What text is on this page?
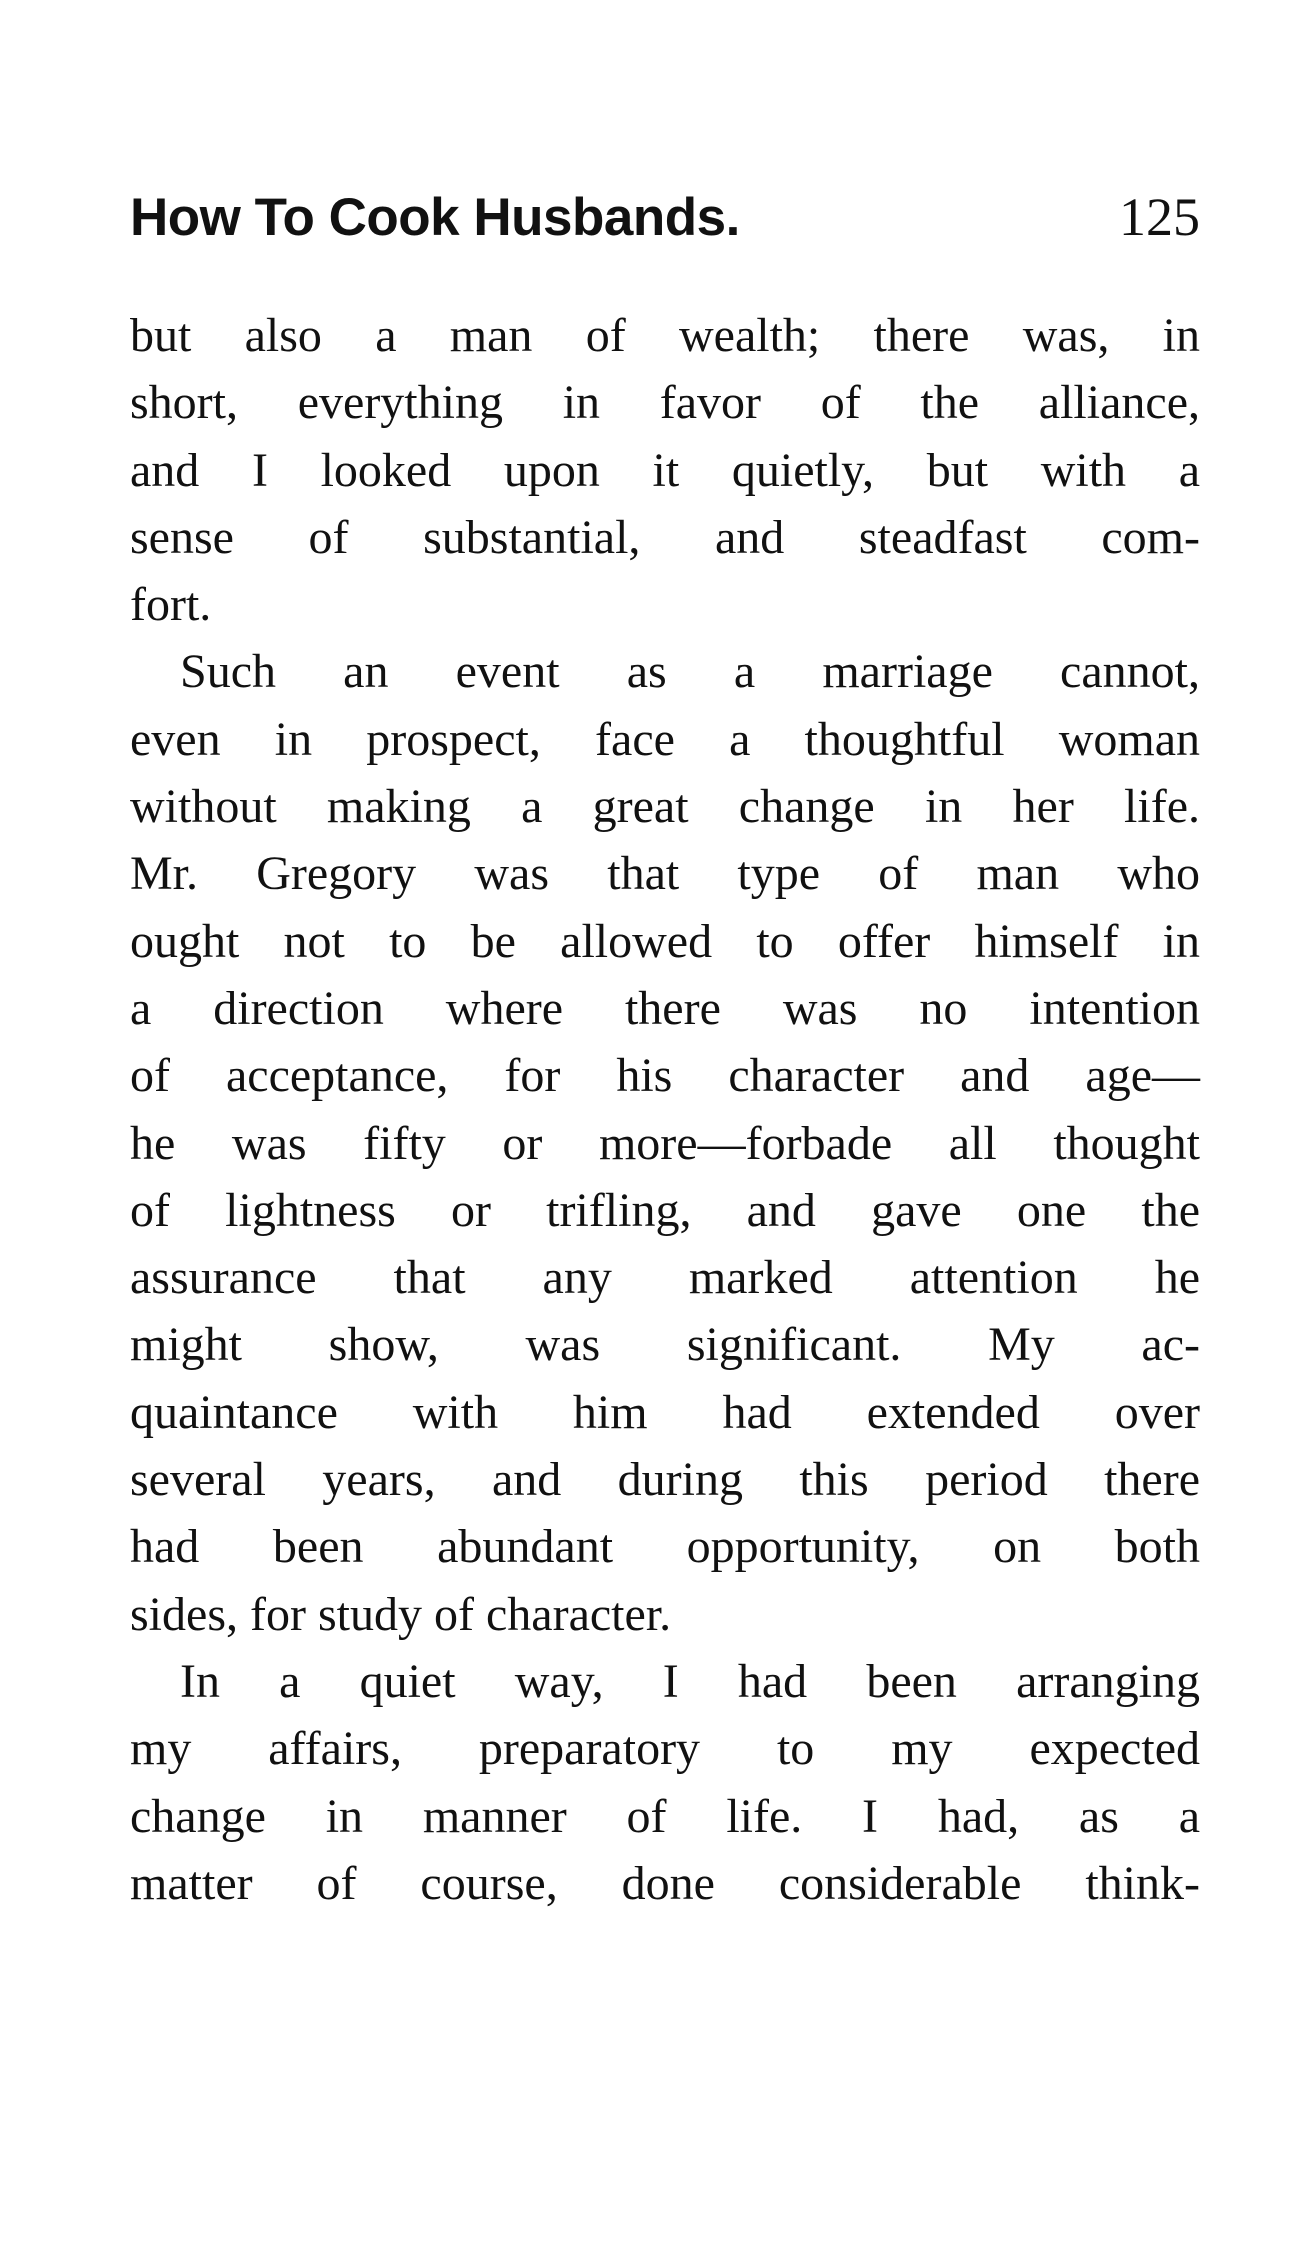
How To Cook Husbands.	125
but also a man of wealth; there was, in
short, everything in favor of the alliance,
and I looked upon it quietly, but with a
sense of substantial, and steadfast com-
fort.
Such an event as a marriage cannot,
even in prospect, face a thoughtful woman
without making a great change in her life.
Mr. Gregory was that type of man who
ought not to be allowed to offer himself in
a direction where there was no intention
of acceptance, for his character and age—
he was fifty or more—forbade all thought
of lightness or trifling, and gave one the
assurance that any marked attention he
might show, was significant. My ac-
quaintance with him had extended over
several years, and during this period there
had been abundant opportunity, on both
sides, for study of character.
In a quiet way, I had been arranging
my affairs, preparatory to my expected
change in manner of life. I had, as a
matter of course, done considerable think-
